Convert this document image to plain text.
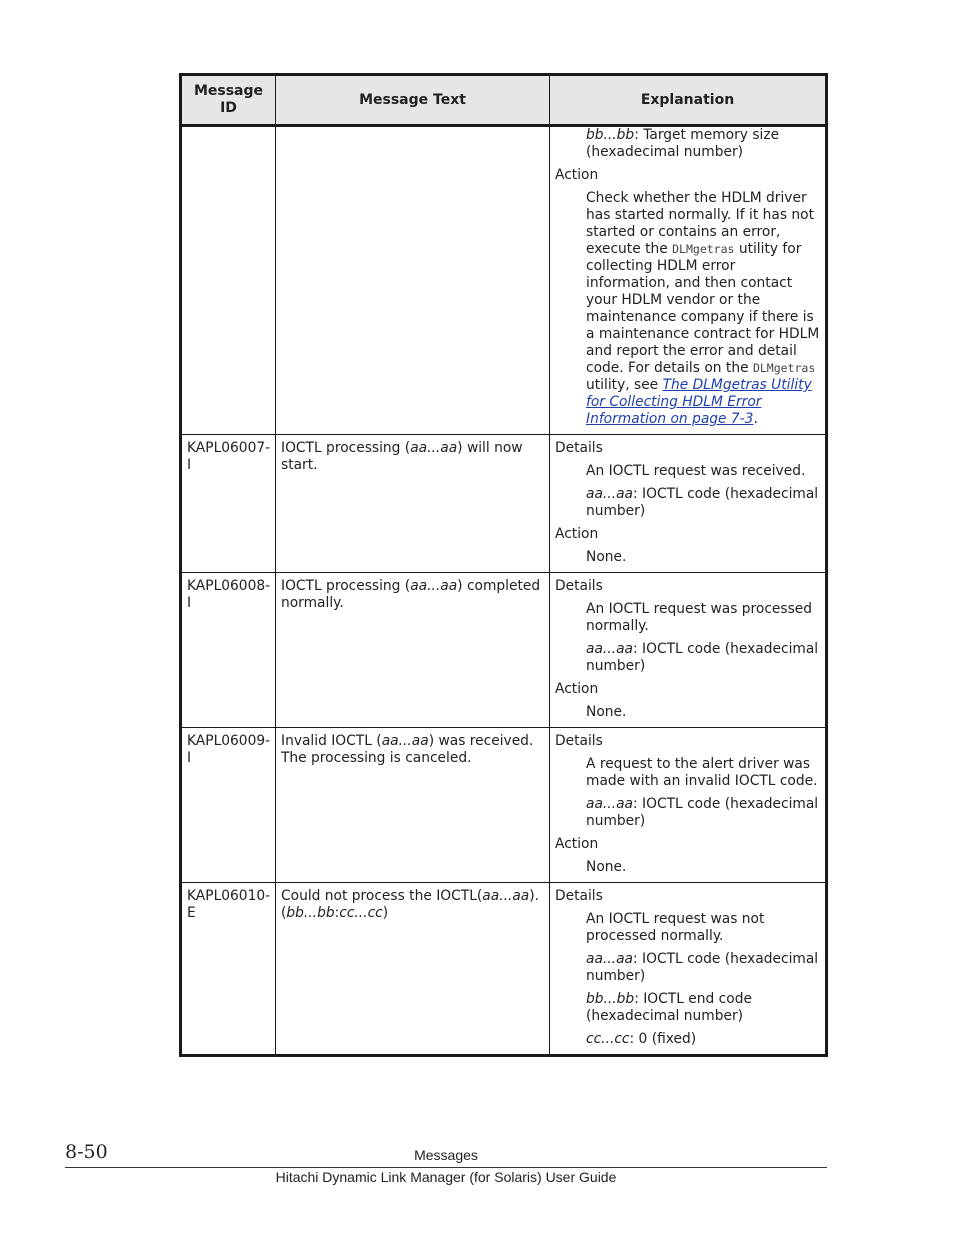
Message ID	Message Text	Explanation

		bb...bb: Target memory size (hexadecimal number)

Action

Check whether the HDLM driver has started normally. If it has not started or contains an error, execute the DLMgetras utility for collecting HDLM error information, and then contact your HDLM vendor or the maintenance company if there is a maintenance contract for HDLM and report the error and detail code. For details on the DLMgetras utility, see The DLMgetras Utility for Collecting HDLM Error Information on page 7-3.

KAPL06007-I	IOCTL processing (aa...aa) will now start.	Details

An IOCTL request was received.

aa...aa: IOCTL code (hexadecimal number)

Action

None.

KAPL06008-I	IOCTL processing (aa...aa) completed normally.	Details

An IOCTL request was processed normally.

aa...aa: IOCTL code (hexadecimal number)

Action

None.

KAPL06009-I	Invalid IOCTL (aa...aa) was received. The processing is canceled.	Details

A request to the alert driver was made with an invalid IOCTL code.

aa...aa: IOCTL code (hexadecimal number)

Action

None.

KAPL06010-E	Could not process the IOCTL(aa...aa). (bb...bb:cc...cc)	Details

An IOCTL request was not processed normally.

aa...aa: IOCTL code (hexadecimal number)

bb...bb: IOCTL end code (hexadecimal number)

cc...cc: 0 (fixed)

8-50	Messages
Hitachi Dynamic Link Manager (for Solaris) User Guide
